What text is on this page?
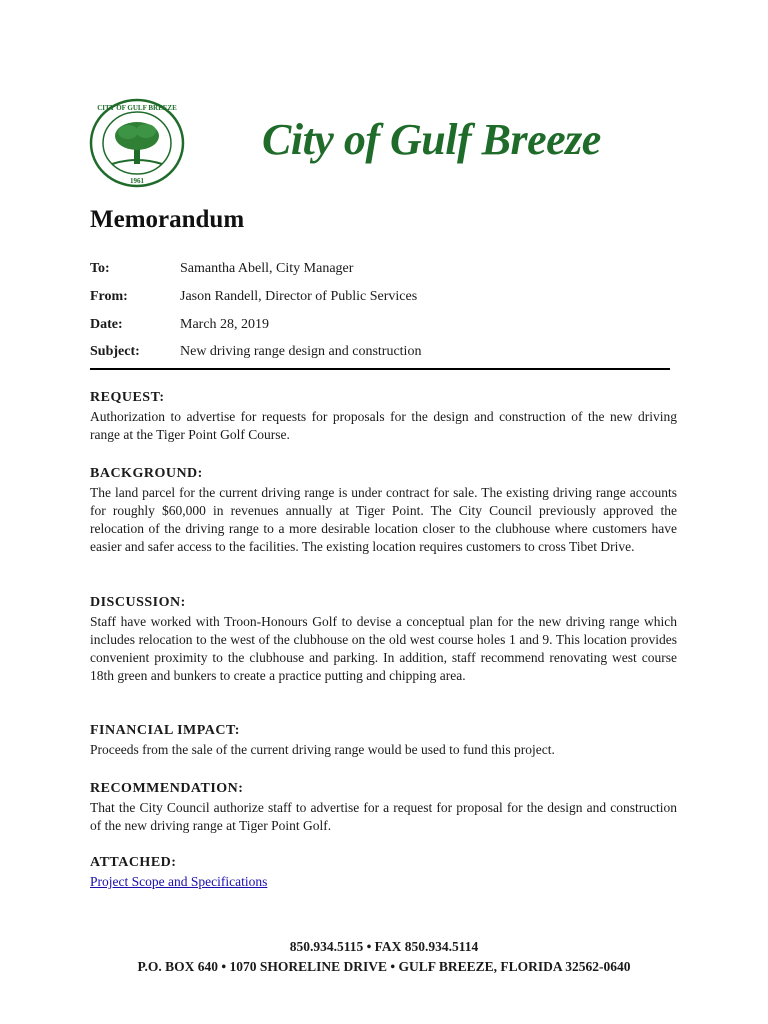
CITY OF GULF BREEZE
1961
City of Gulf Breeze
Memorandum
To:	Samantha Abell, City Manager
From:	Jason Randell, Director of Public Services
Date:	March 28, 2019
Subject:	New driving range design and construction
REQUEST:
Authorization to advertise for requests for proposals for the design and construction of the new driving range at the Tiger Point Golf Course.
BACKGROUND:
The land parcel for the current driving range is under contract for sale. The existing driving range accounts for roughly $60,000 in revenues annually at Tiger Point. The City Council previously approved the relocation of the driving range to a more desirable location closer to the clubhouse where customers have easier and safer access to the facilities. The existing location requires customers to cross Tibet Drive.
DISCUSSION:
Staff have worked with Troon-Honours Golf to devise a conceptual plan for the new driving range which includes relocation to the west of the clubhouse on the old west course holes 1 and 9. This location provides convenient proximity to the clubhouse and parking. In addition, staff recommend renovating west course 18th green and bunkers to create a practice putting and chipping area.
FINANCIAL IMPACT:
Proceeds from the sale of the current driving range would be used to fund this project.
RECOMMENDATION:
That the City Council authorize staff to advertise for a request for proposal for the design and construction of the new driving range at Tiger Point Golf.
ATTACHED:
Project Scope and Specifications
850.934.5115 • FAX 850.934.5114
P.O. BOX 640 • 1070 SHORELINE DRIVE • GULF BREEZE, FLORIDA 32562-0640
